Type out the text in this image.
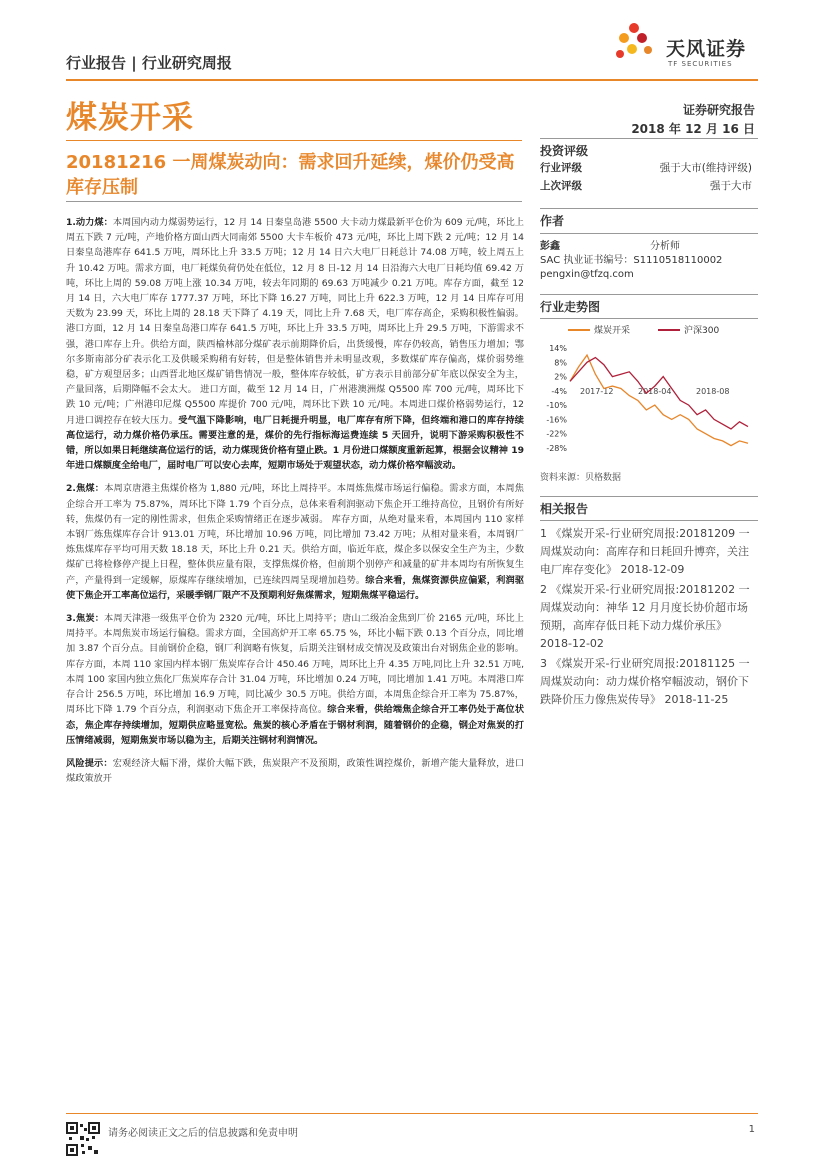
行业报告 | 行业研究周报
天风证券
TF SECURITIES
煤炭开采	证券研究报告
2018 年 12 月 16 日
20181216 一周煤炭动向：需求回升延续，煤价仍受高库存压制

1.动力煤：本周国内动力煤弱势运行，12 月 14 日秦皇岛港 5500 大卡动力煤最新平仓价为 609 元/吨，环比上周五下跌 7 元/吨，产地价格方面山西大同南郊 5500 大卡车板价 473 元/吨，环比上周下跌 2 元/吨；12 月 14 日秦皇岛港库存 641.5 万吨，周环比上升 33.5 万吨；12 月 14 日六大电厂日耗总计 74.08 万吨，较上周五上升 10.42 万吨。需求方面，电厂耗煤负荷仍处在低位，12 月 8 日-12 月 14 日沿海六大电厂日耗均值 69.42 万吨，环比上周的 59.08 万吨上涨 10.34 万吨，较去年同期的 69.63 万吨减少 0.21 万吨。库存方面，截至 12 月 14 日，六大电厂库存 1777.37 万吨，环比下降 16.27 万吨，同比上升 622.3 万吨，12 月 14 日库存可用天数为 23.99 天，环比上周的 28.18 天下降了 4.19 天，同比上升 7.68 天，电厂库存高企，采购积极性偏弱。港口方面，12 月 14 日秦皇岛港口库存 641.5 万吨，环比上升 33.5 万吨，周环比上升 29.5 万吨，下游需求不强，港口库存上升。供给方面，陕西榆林部分煤矿表示前期降价后，出货缓慢，库存仍较高，销售压力增加；鄂尔多斯南部分矿表示化工及供暖采购稍有好转，但是整体销售并未明显改观，多数煤矿库存偏高，煤价弱势维稳，矿方观望居多；山西晋北地区煤矿销售情况一般，整体库存较低，矿方表示目前部分矿年底以保安全为主，产量回落，后期降幅不会太大。 进口方面，截至 12 月 14 日，广州港澳洲煤 Q5500 库 700 元/吨，周环比下跌 10 元/吨；广州港印尼煤 Q5500 库提价 700 元/吨，周环比下跌 10 元/吨。本周进口煤价格弱势运行，12 月进口调控存在较大压力。受气温下降影响，电厂日耗提升明显，电厂库存有所下降，但终端和港口的库存持续高位运行，动力煤价格仍承压。需要注意的是，煤价的先行指标海运费连续 5 天回升，说明下游采购积极性不错，所以如果日耗继续高位运行的话，动力煤现货价格有望止跌。1 月份进口煤额度重新起算，根据会议精神 19 年进口煤额度全给电厂，届时电厂可以安心去库，短期市场处于观望状态，动力煤价格窄幅波动。

2.焦煤：本周京唐港主焦煤价格为 1,880 元/吨，环比上周持平。本周炼焦煤市场运行偏稳。需求方面，本周焦企综合开工率为 75.87%，周环比下降 1.79 个百分点，总体来看利润驱动下焦企开工维持高位，且钢价有所好转，焦煤仍有一定的刚性需求，但焦企采购情绪正在逐步减弱。 库存方面，从绝对量来看，本周国内 110 家样本钢厂炼焦煤库存合计 913.01 万吨，环比增加 10.96 万吨，同比增加 73.42 万吨；从相对量来看，本周钢厂炼焦煤库存平均可用天数 18.18 天，环比上升 0.21 天。供给方面，临近年底，煤企多以保安全生产为主，少数煤矿已将检修停产提上日程，整体供应量有限，支撑焦煤价格，但前期个别停产和减量的矿井本周均有所恢复生产，产量得到一定缓解，原煤库存继续增加，已连续四周呈现增加趋势。综合来看，焦煤资源供应偏紧，利润驱使下焦企开工率高位运行，采暖季钢厂限产不及预期利好焦煤需求，短期焦煤平稳运行。

3.焦炭：本周天津港一级焦平仓价为 2320 元/吨，环比上周持平；唐山二级冶金焦到厂价 2165 元/吨，环比上周持平。本周焦炭市场运行偏稳。需求方面，全国高炉开工率 65.75 %，环比小幅下跌 0.13 个百分点，同比增加 3.87 个百分点。目前钢价企稳，钢厂利润略有恢复，后期关注钢材成交情况及政策出台对钢焦企业的影响。库存方面，本周 110 家国内样本钢厂焦炭库存合计 450.46 万吨，周环比上升 4.35 万吨,同比上升 32.51 万吨,本周 100 家国内独立焦化厂焦炭库存合计 31.04 万吨，环比增加 0.24 万吨，同比增加 1.41 万吨。本周港口库存合计 256.5 万吨，环比增加 16.9 万吨，同比减少 30.5 万吨。供给方面，本周焦企综合开工率为 75.87%，周环比下降 1.79 个百分点，利润驱动下焦企开工率保持高位。综合来看，供给端焦企综合开工率仍处于高位状态，焦企库存持续增加，短期供应略显宽松。焦炭的核心矛盾在于钢材利润，随着钢价的企稳，钢企对焦炭的打压情绪减弱，短期焦炭市场以稳为主，后期关注钢材利润情况。

风险提示：宏观经济大幅下滑，煤价大幅下跌，焦炭限产不及预期，政策性调控煤价，新增产能大量释放，进口煤政策放开

投资评级
行业评级	强于大市(维持评级)
上次评级	强于大市
作者
彭鑫	分析师
SAC 执业证书编号：S1110518110002
pengxin@tfzq.com
行业走势图
煤炭开采	沪深300
14%
8%
2%
-4%
-10%
-16%
-22%
-28%
2017-12	2018-04	2018-08
资料来源：贝格数据
相关报告
1 《煤炭开采-行业研究周报:20181209 一周煤炭动向：高库存和日耗回升博弈，关注电厂库存变化》 2018-12-09
2 《煤炭开采-行业研究周报:20181202 一周煤炭动向：神华 12 月月度长协价超市场预期，高库存低日耗下动力煤价承压》 2018-12-02
3 《煤炭开采-行业研究周报:20181125 一周煤炭动向：动力煤价格窄幅波动，钢价下跌降价压力像焦炭传导》 2018-11-25
请务必阅读正文之后的信息披露和免责申明	1
